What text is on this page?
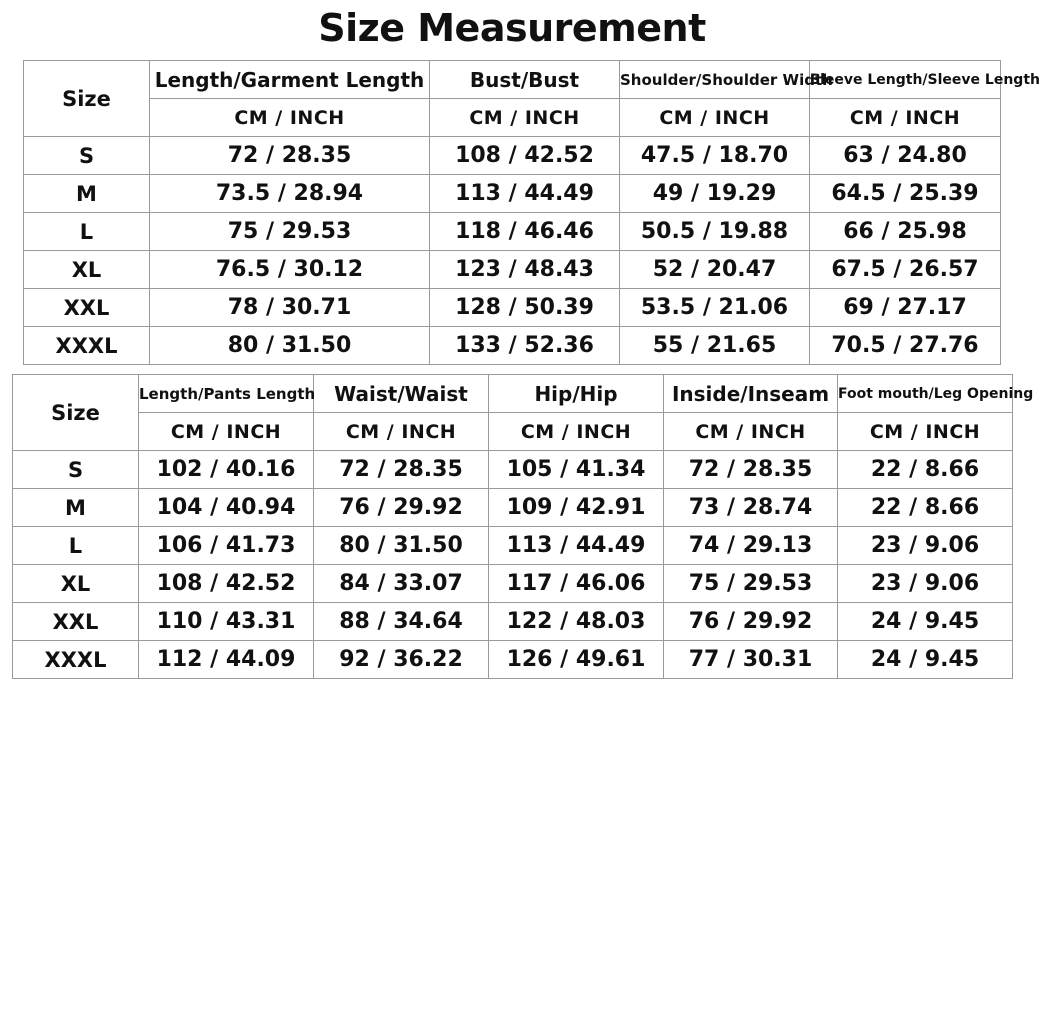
Size Measurement
Size	Length/Garment Length	Bust/Bust	Shoulder/Shoulder Width	Sleeve Length/Sleeve Length
	CM / INCH	CM / INCH	CM / INCH	CM / INCH
S	72 / 28.35	108 / 42.52	47.5 / 18.70	63 / 24.80
M	73.5 / 28.94	113 / 44.49	49 / 19.29	64.5 / 25.39
L	75 / 29.53	118 / 46.46	50.5 / 19.88	66 / 25.98
XL	76.5 / 30.12	123 / 48.43	52 / 20.47	67.5 / 26.57
XXL	78 / 30.71	128 / 50.39	53.5 / 21.06	69 / 27.17
XXXL	80 / 31.50	133 / 52.36	55 / 21.65	70.5 / 27.76
Size	Length/Pants Length	Waist/Waist	Hip/Hip	Inside/Inseam	Foot mouth/Leg Opening
	CM / INCH	CM / INCH	CM / INCH	CM / INCH	CM / INCH
S	102 / 40.16	72 / 28.35	105 / 41.34	72 / 28.35	22 / 8.66
M	104 / 40.94	76 / 29.92	109 / 42.91	73 / 28.74	22 / 8.66
L	106 / 41.73	80 / 31.50	113 / 44.49	74 / 29.13	23 / 9.06
XL	108 / 42.52	84 / 33.07	117 / 46.06	75 / 29.53	23 / 9.06
XXL	110 / 43.31	88 / 34.64	122 / 48.03	76 / 29.92	24 / 9.45
XXXL	112 / 44.09	92 / 36.22	126 / 49.61	77 / 30.31	24 / 9.45
